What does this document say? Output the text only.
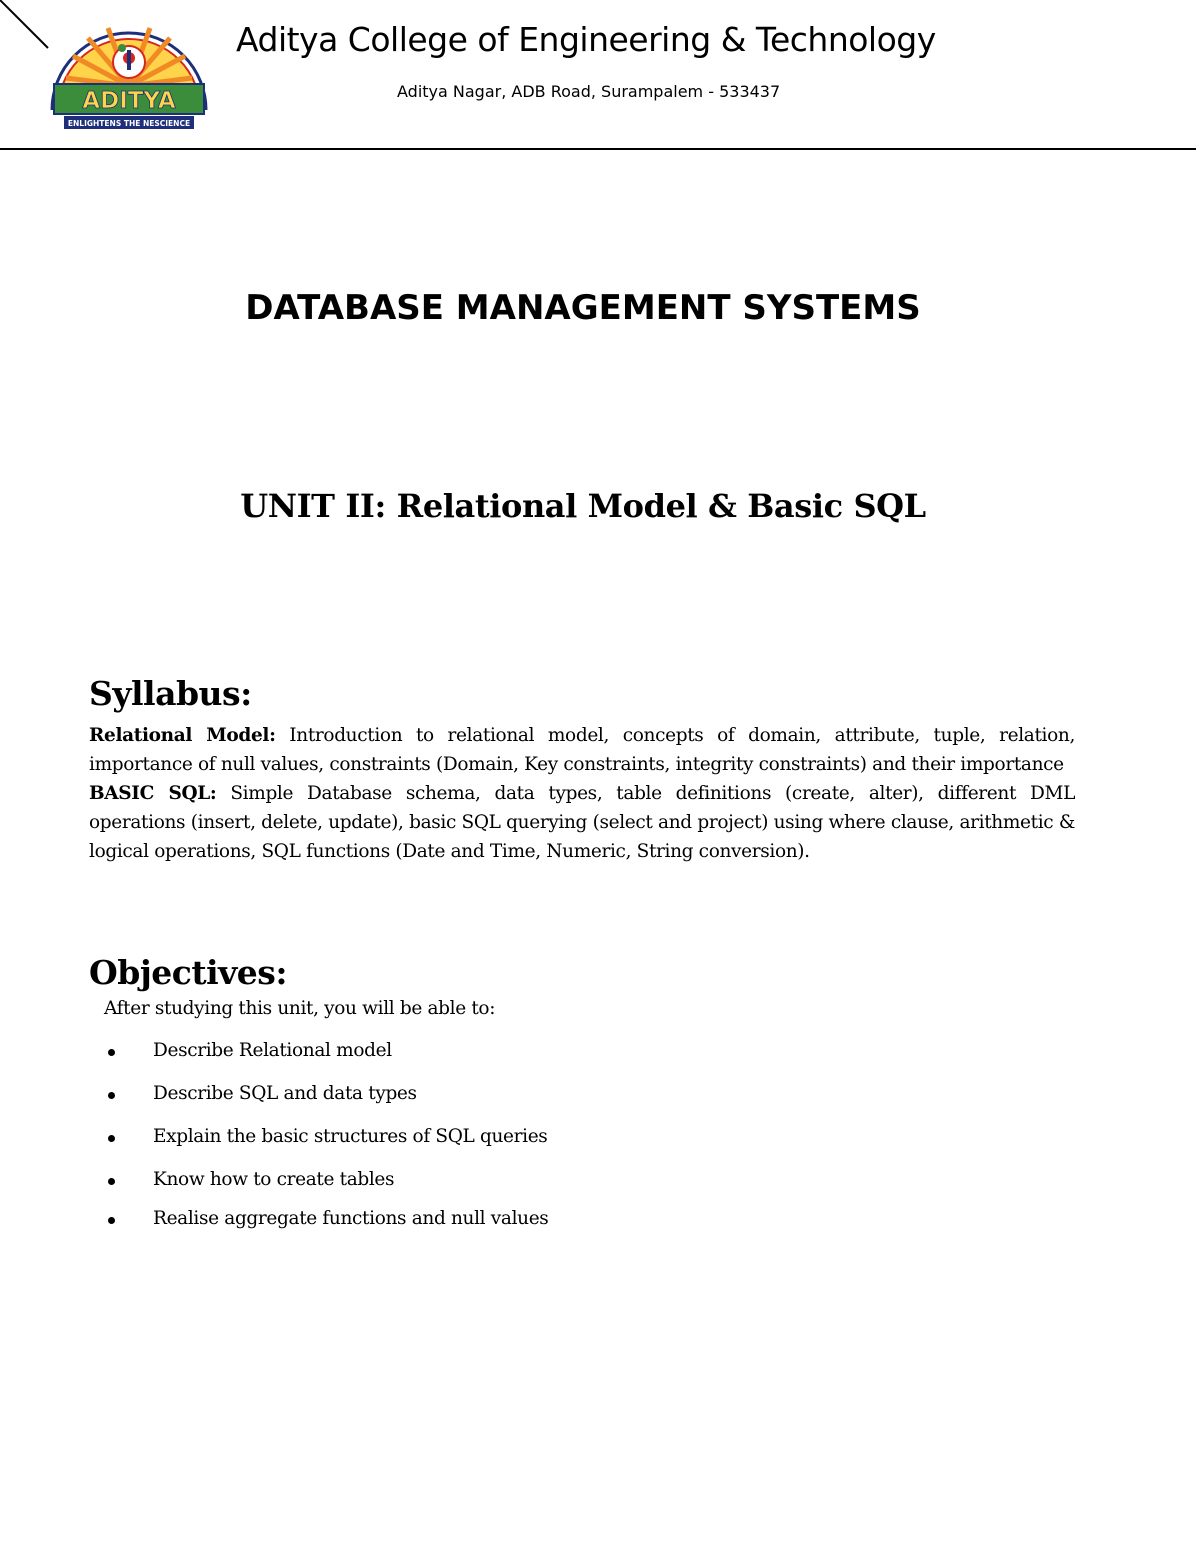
ADITYA
ENLIGHTENS THE NESCIENCE
Aditya College of Engineering & Technology
Aditya Nagar, ADB Road, Surampalem - 533437
DATABASE MANAGEMENT SYSTEMS
UNIT II: Relational Model & Basic SQL
Syllabus:

Relational Model: Introduction to relational model, concepts of domain, attribute, tuple, relation, importance of null values, constraints (Domain, Key constraints, integrity constraints) and their importance

BASIC SQL: Simple Database schema, data types, table definitions (create, alter), different DML operations (insert, delete, update), basic SQL querying (select and project) using where clause, arithmetic & logical operations, SQL functions (Date and Time, Numeric, String conversion).

Objectives:
After studying this unit, you will be able to:
Describe Relational model
Describe SQL and data types
Explain the basic structures of SQL queries
Know how to create tables
Realise aggregate functions and null values
